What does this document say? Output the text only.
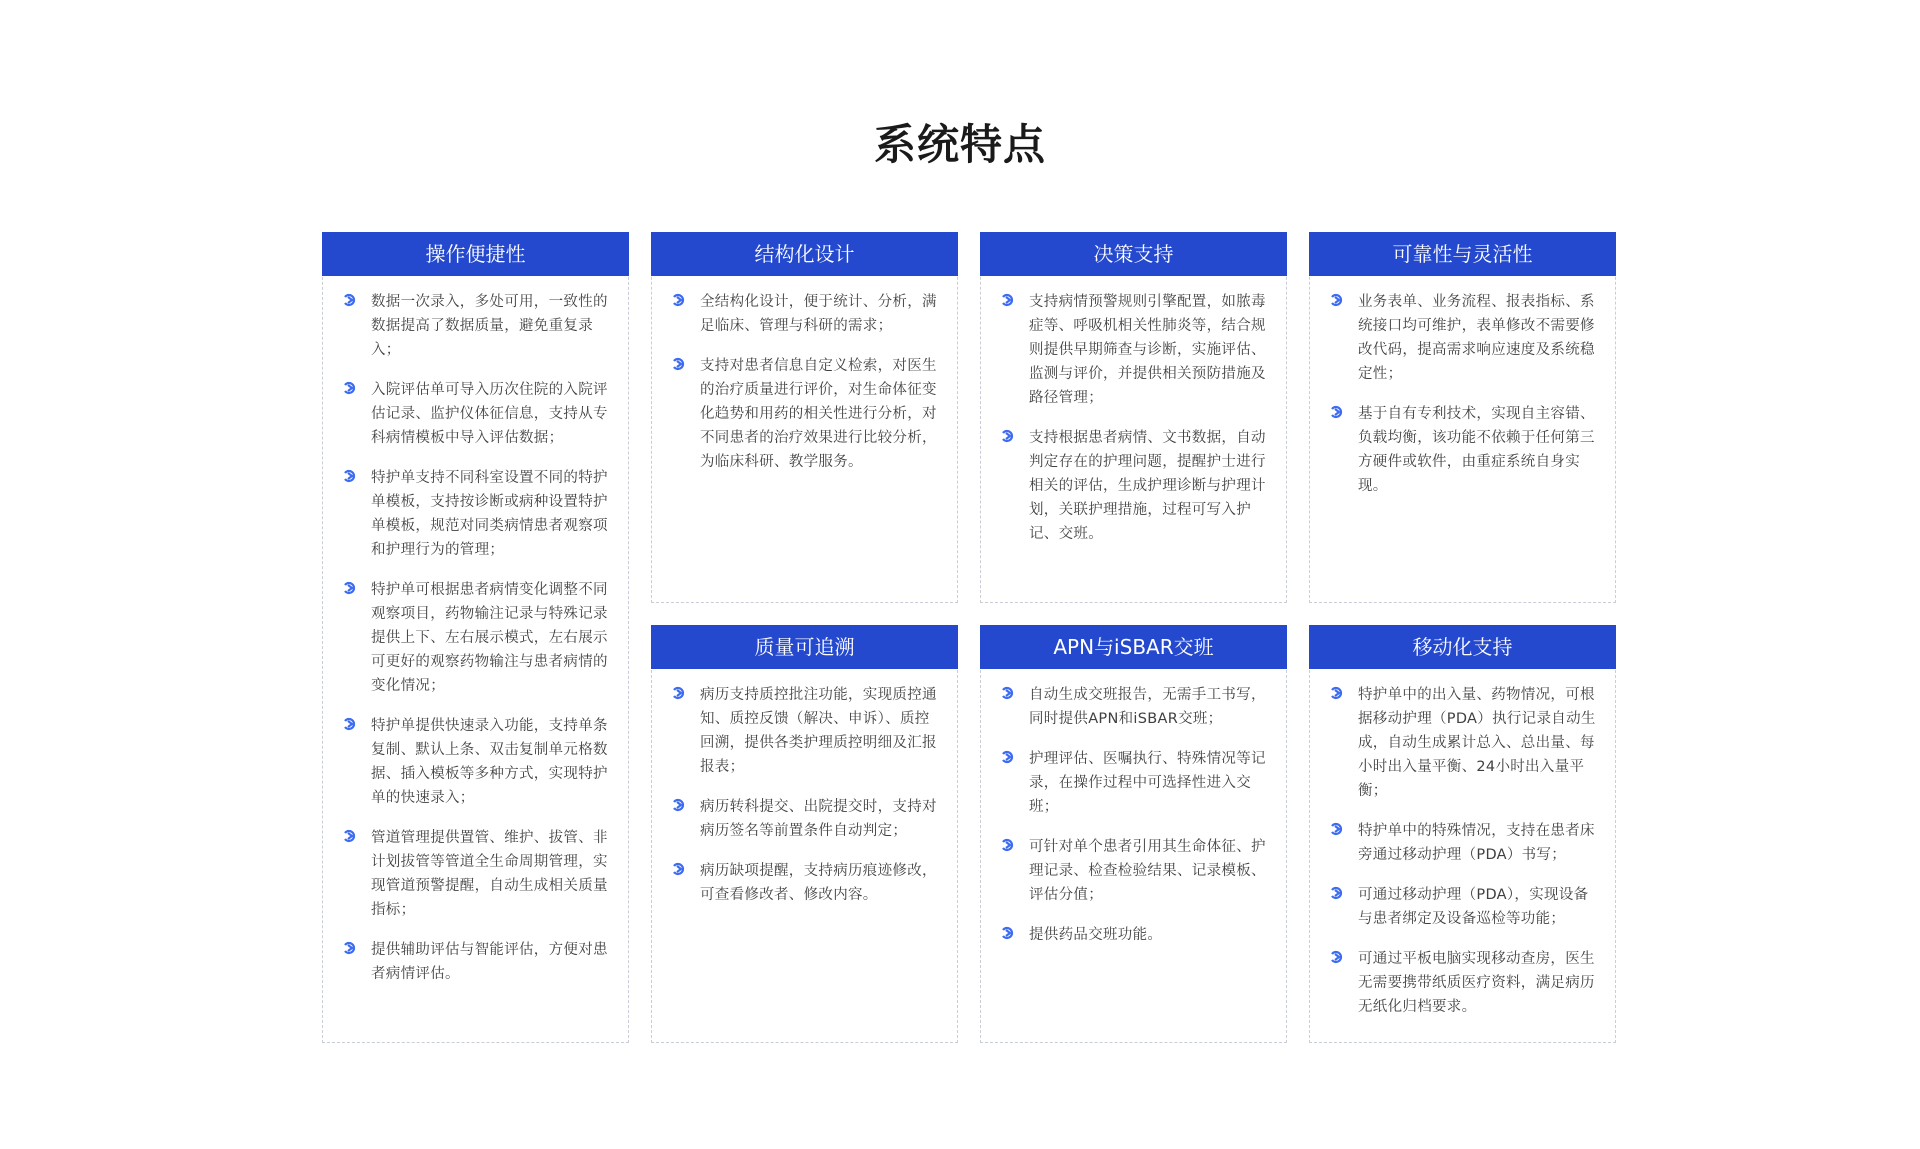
系统特点
操作便捷性
数据一次录入，多处可用，一致性的数据提高了数据质量，避免重复录入；
入院评估单可导入历次住院的入院评估记录、监护仪体征信息，支持从专科病情模板中导入评估数据；
特护单支持不同科室设置不同的特护单模板，支持按诊断或病种设置特护单模板，规范对同类病情患者观察项和护理行为的管理；
特护单可根据患者病情变化调整不同观察项目，药物输注记录与特殊记录提供上下、左右展示模式，左右展示可更好的观察药物输注与患者病情的变化情况；
特护单提供快速录入功能，支持单条复制、默认上条、双击复制单元格数据、插入模板等多种方式，实现特护单的快速录入；
管道管理提供置管、维护、拔管、非计划拔管等管道全生命周期管理，实现管道预警提醒，自动生成相关质量指标；
提供辅助评估与智能评估，方便对患者病情评估。
结构化设计
全结构化设计，便于统计、分析，满足临床、管理与科研的需求；
支持对患者信息自定义检索，对医生的治疗质量进行评价，对生命体征变化趋势和用药的相关性进行分析，对不同患者的治疗效果进行比较分析，为临床科研、教学服务。
决策支持
支持病情预警规则引擎配置，如脓毒症等、呼吸机相关性肺炎等，结合规则提供早期筛查与诊断，实施评估、监测与评价，并提供相关预防措施及路径管理；
支持根据患者病情、文书数据，自动判定存在的护理问题，提醒护士进行相关的评估，生成护理诊断与护理计划，关联护理措施，过程可写入护记、交班。
可靠性与灵活性
业务表单、业务流程、报表指标、系统接口均可维护，表单修改不需要修改代码，提高需求响应速度及系统稳定性；
基于自有专利技术，实现自主容错、负载均衡，该功能不依赖于任何第三方硬件或软件，由重症系统自身实现。
质量可追溯
病历支持质控批注功能，实现质控通知、质控反馈（解决、申诉）、质控回溯，提供各类护理质控明细及汇报报表；
病历转科提交、出院提交时，支持对病历签名等前置条件自动判定；
病历缺项提醒，支持病历痕迹修改，可查看修改者、修改内容。
APN与iSBAR交班
自动生成交班报告，无需手工书写，同时提供APN和iSBAR交班；
护理评估、医嘱执行、特殊情况等记录，在操作过程中可选择性进入交班；
可针对单个患者引用其生命体征、护理记录、检查检验结果、记录模板、评估分值；
提供药品交班功能。
移动化支持
特护单中的出入量、药物情况，可根据移动护理（PDA）执行记录自动生成，自动生成累计总入、总出量、每小时出入量平衡、24小时出入量平衡；
特护单中的特殊情况，支持在患者床旁通过移动护理（PDA）书写；
可通过移动护理（PDA），实现设备与患者绑定及设备巡检等功能；
可通过平板电脑实现移动查房，医生无需要携带纸质医疗资料，满足病历无纸化归档要求。
